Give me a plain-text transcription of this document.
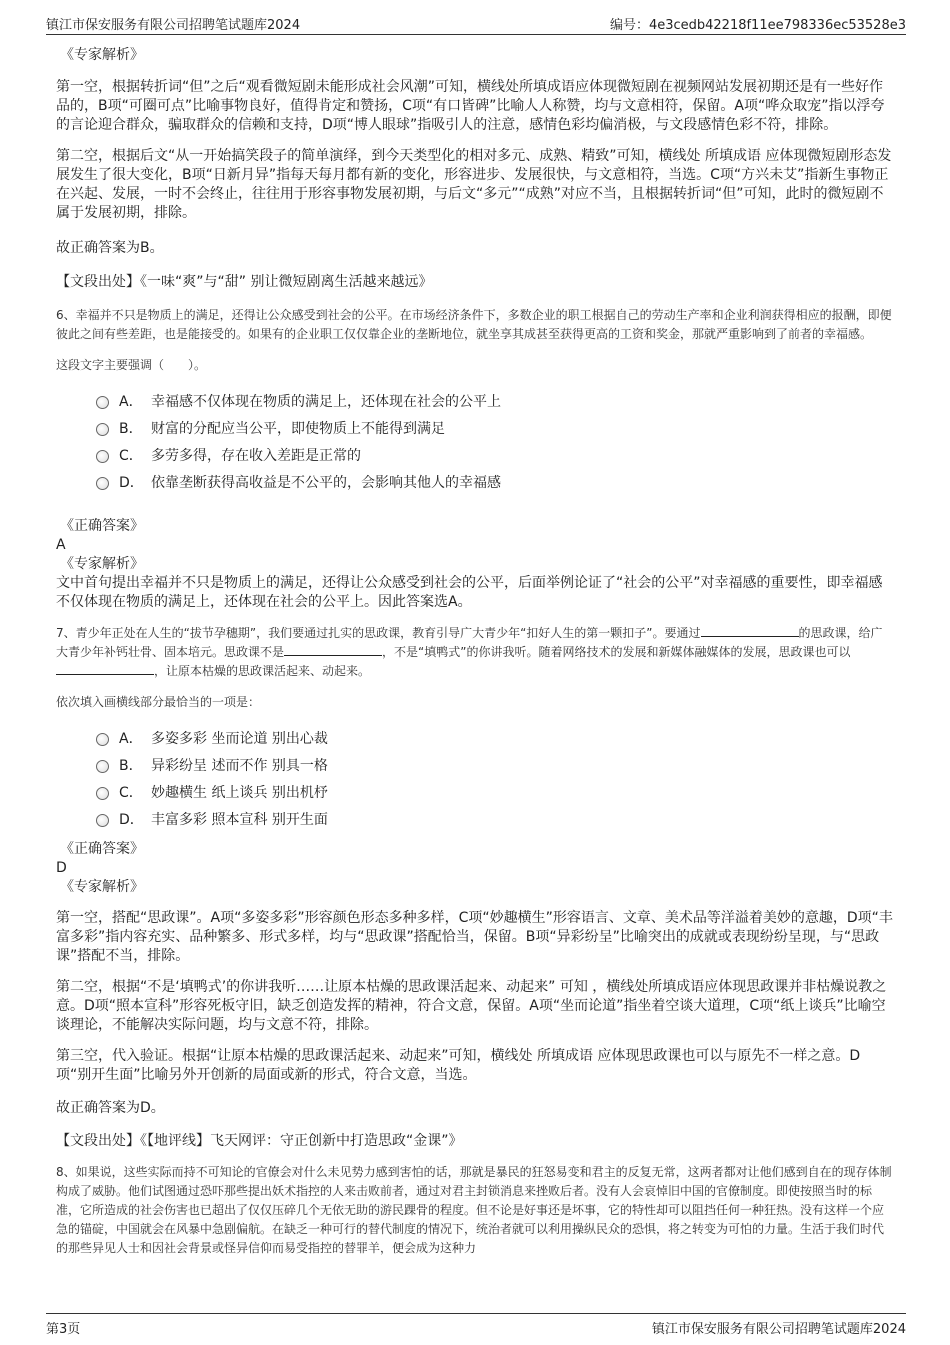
镇江市保安服务有限公司招聘笔试题库2024	编号：4e3cedb42218f11ee798336ec53528e3
《专家解析》

第一空，根据转折词“但”之后“观看微短剧未能形成社会风潮”可知，横线处所填成语应体现微短剧在视频网站发展初期还是有一些好作品的，B项“可圈可点”比喻事物良好，值得肯定和赞扬，C项“有口皆碑”比喻人人称赞，均与文意相符，保留。A项“哗众取宠”指以浮夸的言论迎合群众，骗取群众的信赖和支持，D项“博人眼球”指吸引人的注意，感情色彩均偏消极，与文段感情色彩不符，排除。

第二空，根据后文“从一开始搞笑段子的简单演绎，到今天类型化的相对多元、成熟、精致”可知，横线处 所填成语 应体现微短剧形态发展发生了很大变化，B项“日新月异”指每天每月都有新的变化，形容进步、发展很快，与文意相符，当选。C项“方兴未艾”指新生事物正在兴起、发展，一时不会终止，往往用于形容事物发展初期，与后文“多元”“成熟”对应不当，且根据转折词“但”可知，此时的微短剧不属于发展初期，排除。

故正确答案为B。

【文段出处】《一味“爽”与“甜” 别让微短剧离生活越来越远》

6、幸福并不只是物质上的满足，还得让公众感受到社会的公平。在市场经济条件下，多数企业的职工根据自己的劳动生产率和企业利润获得相应的报酬，即便彼此之间有些差距，也是能接受的。如果有的企业职工仅仅靠企业的垄断地位，就坐享其成甚至获得更高的工资和奖金，那就严重影响到了前者的幸福感。

这段文字主要强调（　　）。

A． 幸福感不仅体现在物质的满足上，还体现在社会的公平上
B． 财富的分配应当公平，即使物质上不能得到满足
C． 多劳多得，存在收入差距是正常的
D． 依靠垄断获得高收益是不公平的，会影响其他人的幸福感
《正确答案》
A
《专家解析》

文中首句提出幸福并不只是物质上的满足，还得让公众感受到社会的公平，后面举例论证了“社会的公平”对幸福感的重要性，即幸福感不仅体现在物质的满足上，还体现在社会的公平上。因此答案选A。

7、青少年正处在人生的“拔节孕穗期”，我们要通过扎实的思政课，教育引导广大青少年“扣好人生的第一颗扣子”。要通过	的思政课，给广大青少年补钙壮骨、固本培元。思政课不是	，不是“填鸭式”的你讲我听。随着网络技术的发展和新媒体融媒体的发展，思政课也可以，让原本枯燥的思政课活起来、动起来。

依次填入画横线部分最恰当的一项是：

A． 多姿多彩 坐而论道 别出心裁
B． 异彩纷呈 述而不作 别具一格
C． 妙趣横生 纸上谈兵 别出机杼
D． 丰富多彩 照本宣科 别开生面
《正确答案》
D
《专家解析》

第一空，搭配“思政课”。A项“多姿多彩”形容颜色形态多种多样，C项“妙趣横生”形容语言、文章、美术品等洋溢着美妙的意趣，D项“丰富多彩”指内容充实、品种繁多、形式多样，均与“思政课”搭配恰当，保留。B项“异彩纷呈”比喻突出的成就或表现纷纷呈现，与“思政课”搭配不当，排除。

第二空，根据“不是‘填鸭式’的你讲我听……让原本枯燥的思政课活起来、动起来” 可知 ，横线处所填成语应体现思政课并非枯燥说教之意。D项“照本宣科”形容死板守旧，缺乏创造发挥的精神，符合文意，保留。A项“坐而论道”指坐着空谈大道理，C项“纸上谈兵”比喻空谈理论，不能解决实际问题，均与文意不符，排除。

第三空，代入验证。根据“让原本枯燥的思政课活起来、动起来”可知，横线处 所填成语 应体现思政课也可以与原先不一样之意。D项“别开生面”比喻另外开创新的局面或新的形式，符合文意，当选。

故正确答案为D。

【文段出处】《【地评线】飞天网评：守正创新中打造思政“金课”》

8、如果说，这些实际而持不可知论的官僚会对什么未见势力感到害怕的话，那就是暴民的狂怒易变和君主的反复无常，这两者都对让他们感到自在的现存体制构成了威胁。他们试图通过恐吓那些提出妖术指控的人来击败前者，通过对君主封锁消息来挫败后者。没有人会哀悼旧中国的官僚制度。即使按照当时的标准，它所造成的社会伤害也已超出了仅仅压碎几个无依无助的游民踝骨的程度。但不论是好事还是坏事，它的特性却可以阻挡任何一种狂热。没有这样一个应急的锚碇，中国就会在风暴中急剧偏航。在缺乏一种可行的替代制度的情况下，统治者就可以利用操纵民众的恐惧，将之转变为可怕的力量。生活于我们时代的那些异见人士和因社会背景或怪异信仰而易受指控的替罪羊，便会成为这种力

第3页	镇江市保安服务有限公司招聘笔试题库2024
